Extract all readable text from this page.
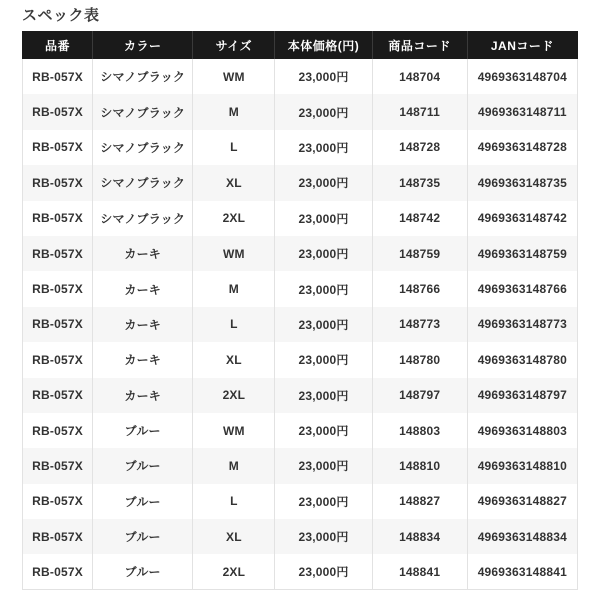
スペック表
品番	カラー	サイズ	本体価格(円)	商品コード	JANコード
RB-057X	シマノブラック	WM	23,000円	148704	4969363148704
RB-057X	シマノブラック	M	23,000円	148711	4969363148711
RB-057X	シマノブラック	L	23,000円	148728	4969363148728
RB-057X	シマノブラック	XL	23,000円	148735	4969363148735
RB-057X	シマノブラック	2XL	23,000円	148742	4969363148742
RB-057X	カーキ	WM	23,000円	148759	4969363148759
RB-057X	カーキ	M	23,000円	148766	4969363148766
RB-057X	カーキ	L	23,000円	148773	4969363148773
RB-057X	カーキ	XL	23,000円	148780	4969363148780
RB-057X	カーキ	2XL	23,000円	148797	4969363148797
RB-057X	ブルー	WM	23,000円	148803	4969363148803
RB-057X	ブルー	M	23,000円	148810	4969363148810
RB-057X	ブルー	L	23,000円	148827	4969363148827
RB-057X	ブルー	XL	23,000円	148834	4969363148834
RB-057X	ブルー	2XL	23,000円	148841	4969363148841
